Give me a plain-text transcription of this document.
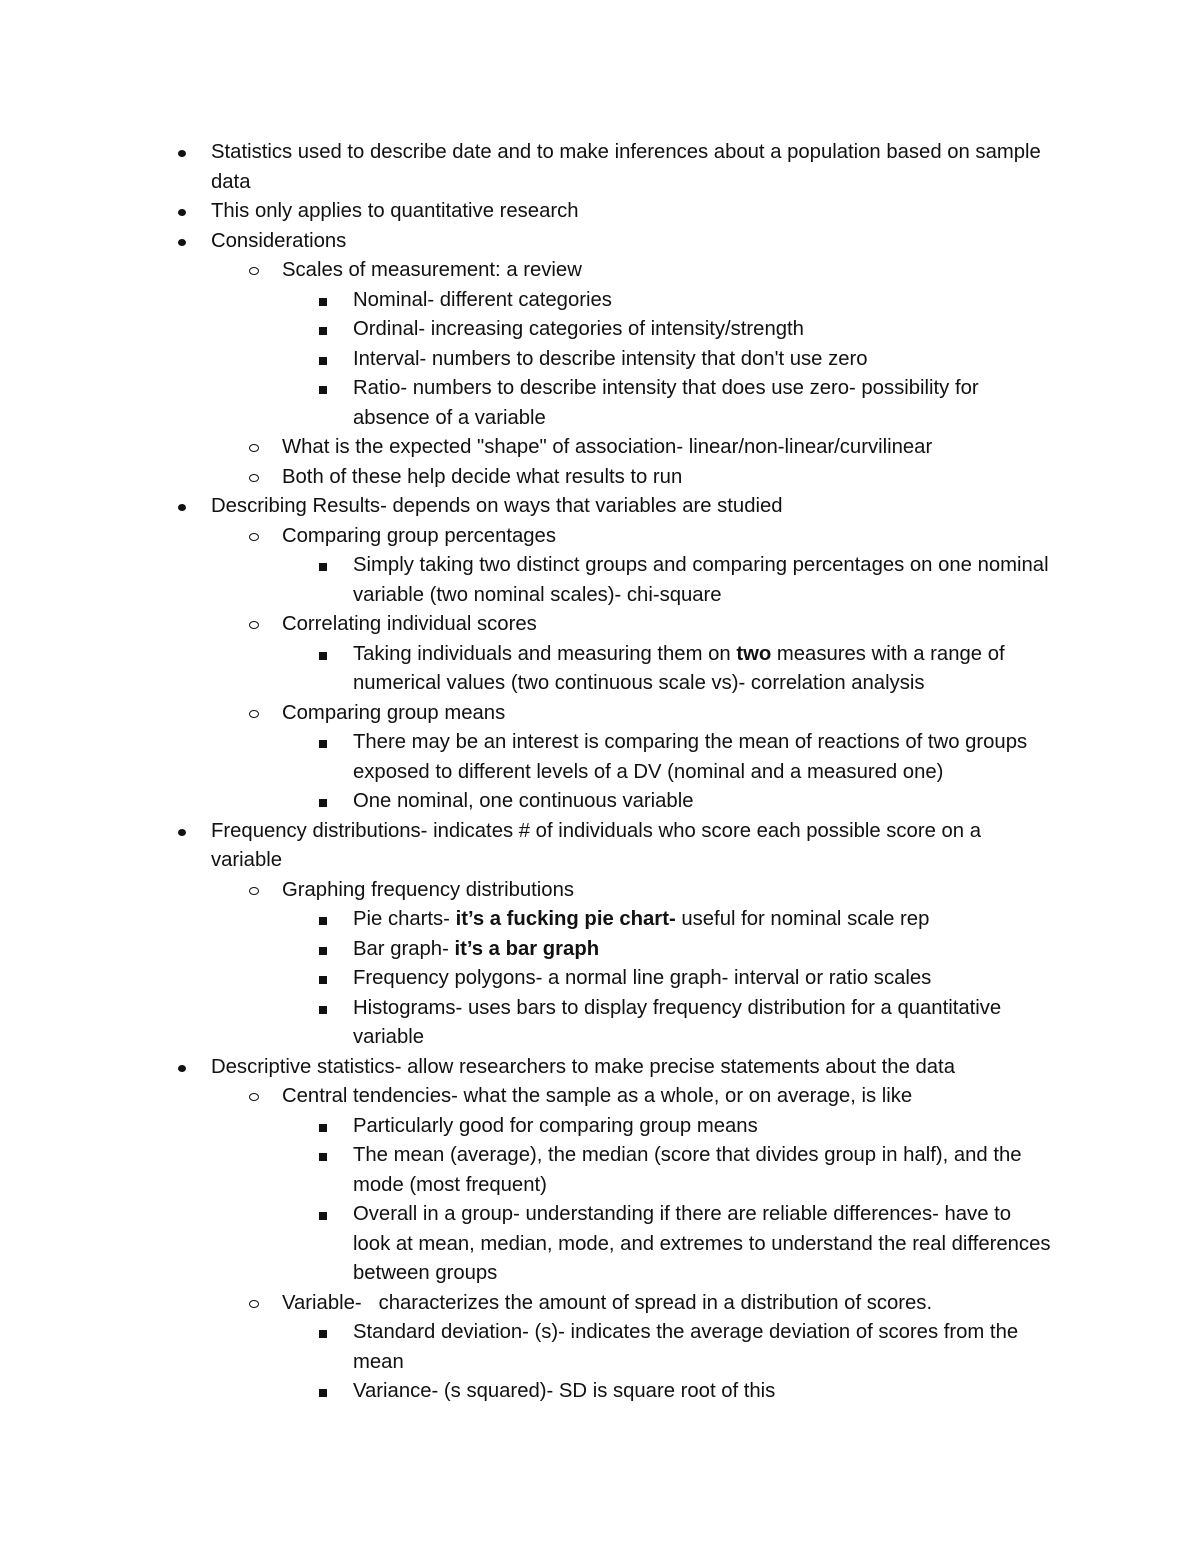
Statistics used to describe date and to make inferences about a population based on sample data
This only applies to quantitative research
Considerations
Scales of measurement: a review
Nominal- different categories
Ordinal- increasing categories of intensity/strength
Interval- numbers to describe intensity that don't use zero
Ratio- numbers to describe intensity that does use zero- possibility for absence of a variable
What is the expected "shape" of association- linear/non-linear/curvilinear
Both of these help decide what results to run
Describing Results- depends on ways that variables are studied
Comparing group percentages
Simply taking two distinct groups and comparing percentages on one nominal variable (two nominal scales)- chi-square
Correlating individual scores
Taking individuals and measuring them on two measures with a range of numerical values (two continuous scale vs)- correlation analysis
Comparing group means
There may be an interest is comparing the mean of reactions of two groups exposed to different levels of a DV (nominal and a measured one)
One nominal, one continuous variable
Frequency distributions- indicates # of individuals who score each possible score on a variable
Graphing frequency distributions
Pie charts- it’s a fucking pie chart- useful for nominal scale rep
Bar graph- it’s a bar graph
Frequency polygons- a normal line graph- interval or ratio scales
Histograms- uses bars to display frequency distribution for a quantitative variable
Descriptive statistics- allow researchers to make precise statements about the data
Central tendencies- what the sample as a whole, or on average, is like
Particularly good for comparing group means
The mean (average), the median (score that divides group in half), and the mode (most frequent)
Overall in a group- understanding if there are reliable differences- have to look at mean, median, mode, and extremes to understand the real differences between groups
Variable-   characterizes the amount of spread in a distribution of scores.
Standard deviation- (s)- indicates the average deviation of scores from the mean
Variance- (s squared)- SD is square root of this
